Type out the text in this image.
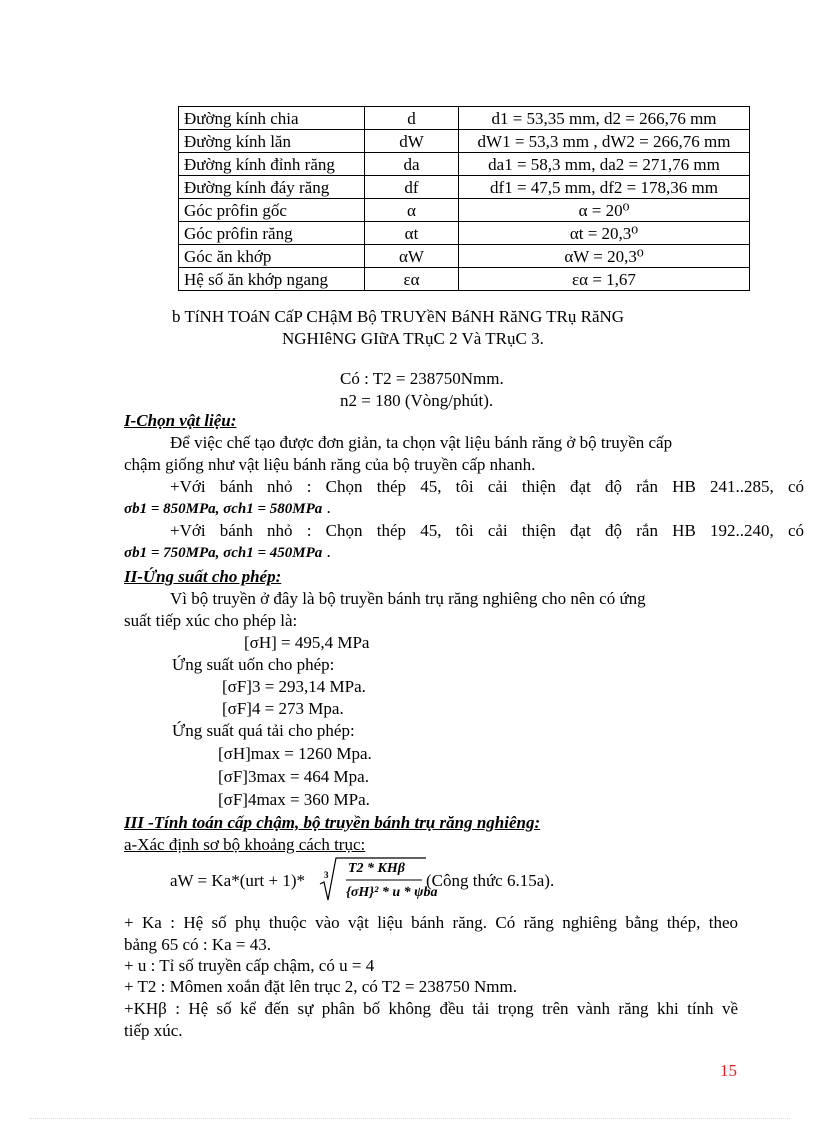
Đường kính chia	d	d1 = 53,35 mm, d2 = 266,76 mm
Đường kính lăn	dW	dW1 = 53,3 mm , dW2 = 266,76 mm
Đường kính đỉnh răng	da	da1 = 58,3 mm, da2 = 271,76 mm
Đường kính đáy răng	df	df1 = 47,5 mm, df2 = 178,36 mm
Góc prôfin gốc	α	α = 20⁰
Góc prôfin răng	αt	αt = 20,3⁰
Góc ăn khớp	αW	αW = 20,3⁰
Hệ số ăn khớp ngang	εα	εα = 1,67
b TíNH TOáN CấP CHậM Bộ TRUYềN BáNH RăNG TRụ RăNG
NGHIêNG GIữA TRụC 2 Và TRụC 3.
Có : T2 = 238750Nmm.
n2 = 180 (Vòng/phút).
I-Chọn vật liệu:
Để việc chế tạo được đơn giản, ta chọn vật liệu bánh răng ở bộ truyền cấp
chậm giống như vật liệu bánh răng của bộ truyền cấp nhanh.
+Với bánh nhỏ : Chọn thép 45, tôi cải thiện đạt độ rắn HB 241..285, có
σb1 = 850MPa, σch1 = 580MPa .
+Với bánh nhỏ : Chọn thép 45, tôi cải thiện đạt độ rắn HB 192..240, có
σb1 = 750MPa, σch1 = 450MPa .
II-Ứng suất cho phép:
Vì bộ truyền ở đây là bộ truyền bánh trụ răng nghiêng cho nên có ứng
suất tiếp xúc cho phép là:
[σH] = 495,4 MPa
Ứng suất uốn cho phép:
[σF]3 = 293,14 MPa.
[σF]4 = 273 Mpa.
Ứng suất quá tải cho phép:
[σH]max = 1260 Mpa.
[σF]3max = 464 Mpa.
[σF]4max = 360 MPa.
III -Tính toán cấp chậm, bộ truyền bánh trụ răng nghiêng:
a-Xác định sơ bộ khoảng cách trục:
aW = Ka*(urt + 1)* 3 T2 * KHβ
{σH}² * u * ψba
(Công thức 6.15a).
+ Ka : Hệ số phụ thuộc vào vật liệu bánh răng. Có răng nghiêng bằng thép, theo
bảng 65 có : Ka = 43.
+ u : Tỉ số truyền cấp chậm, có u = 4
+ T2 : Mômen xoắn đặt lên trục 2, có T2 = 238750 Nmm.
+KHβ : Hệ số kể đến sự phân bố không đều tải trọng trên vành răng khi tính về
tiếp xúc.
15
